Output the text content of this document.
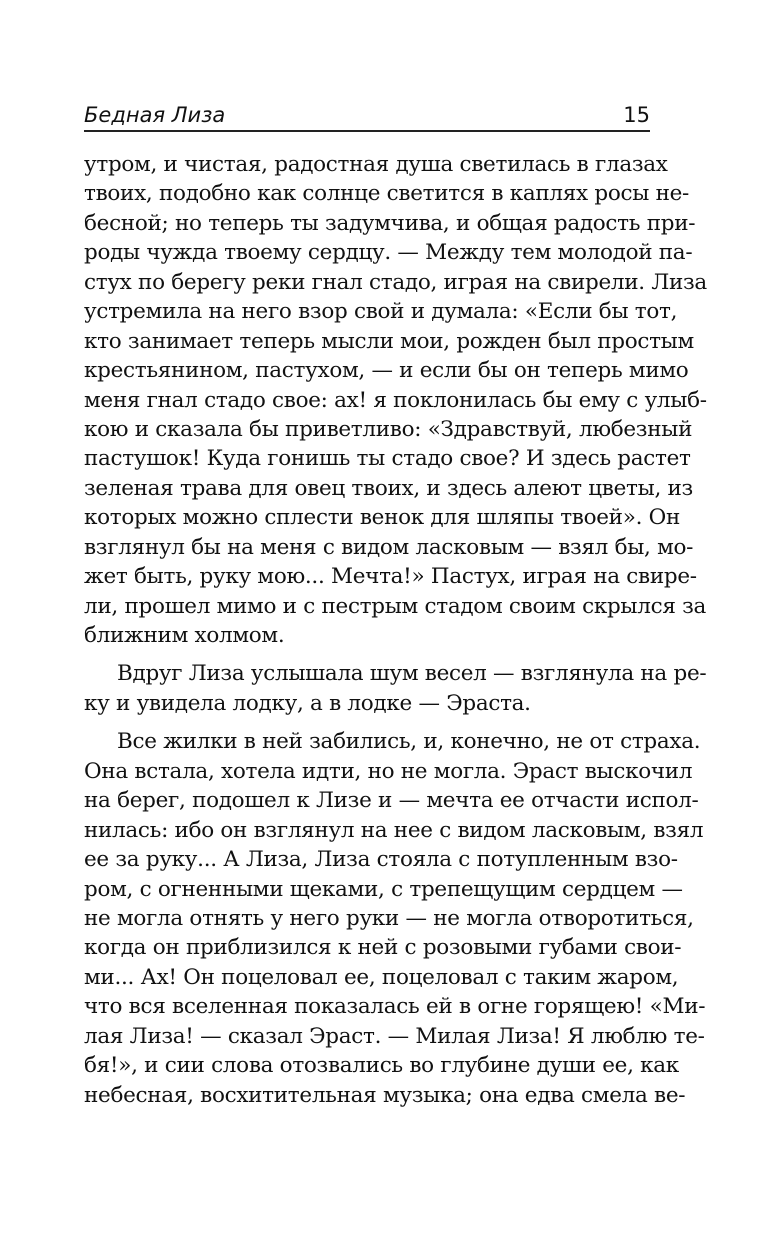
Бедная Лиза	15
утром, и чистая, радостная душа светилась в глазах
твоих, подобно как солнце светится в каплях росы не-
бесной; но теперь ты задумчива, и общая радость при-
роды чужда твоему сердцу. — Между тем молодой па-
стух по берегу реки гнал стадо, играя на свирели. Лиза
устремила на него взор свой и думала: «Если бы тот,
кто занимает теперь мысли мои, рожден был простым
крестьянином, пастухом, — и если бы он теперь мимо
меня гнал стадо свое: ах! я поклонилась бы ему с улыб-
кою и сказала бы приветливо: «Здравствуй, любезный
пастушок! Куда гонишь ты стадо свое? И здесь растет
зеленая трава для овец твоих, и здесь алеют цветы, из
которых можно сплести венок для шляпы твоей». Он
взглянул бы на меня с видом ласковым — взял бы, мо-
жет быть, руку мою... Мечта!» Пастух, играя на свире-
ли, прошел мимо и с пестрым стадом своим скрылся за
ближним холмом.
Вдруг Лиза услышала шум весел — взглянула на ре-
ку и увидела лодку, а в лодке — Эраста.
Все жилки в ней забились, и, конечно, не от страха.
Она встала, хотела идти, но не могла. Эраст выскочил
на берег, подошел к Лизе и — мечта ее отчасти испол-
нилась: ибо он взглянул на нее с видом ласковым, взял
ее за руку... А Лиза, Лиза стояла с потупленным взо-
ром, с огненными щеками, с трепещущим сердцем —
не могла отнять у него руки — не могла отворотиться,
когда он приблизился к ней с розовыми губами свои-
ми... Ах! Он поцеловал ее, поцеловал с таким жаром,
что вся вселенная показалась ей в огне горящею! «Ми-
лая Лиза! — сказал Эраст. — Милая Лиза! Я люблю те-
бя!», и сии слова отозвались во глубине души ее, как
небесная, восхитительная музыка; она едва смела ве-
